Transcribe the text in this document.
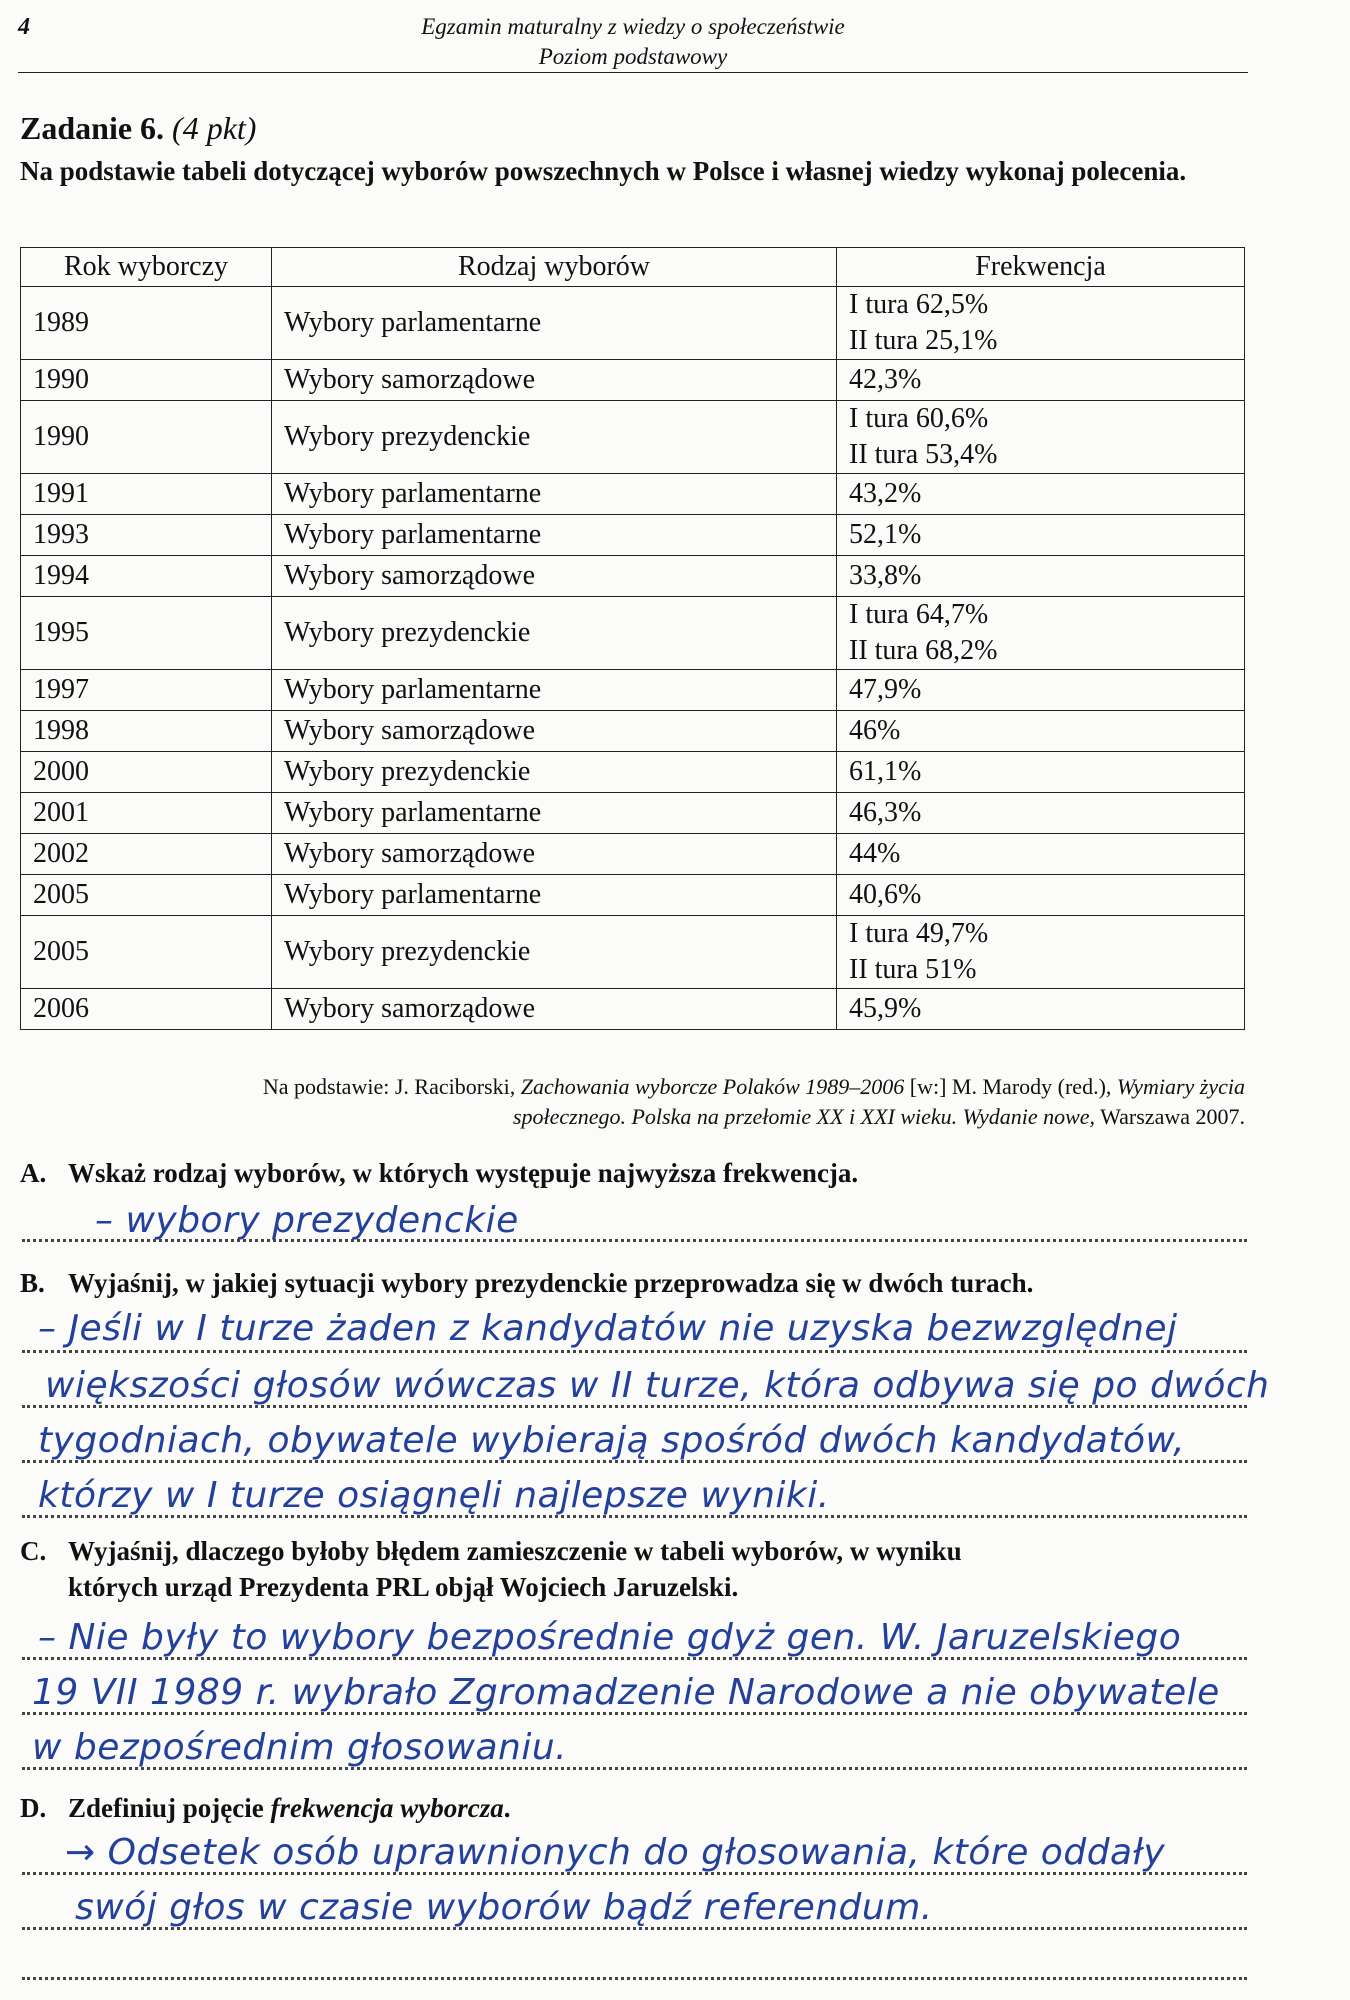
4	Egzamin maturalny z wiedzy o społeczeństwie
Poziom podstawowy
Zadanie 6. (4 pkt)
Na podstawie tabeli dotyczącej wyborów powszechnych w Polsce i własnej wiedzy wykonaj polecenia.
Rok wyborczy	Rodzaj wyborów	Frekwencja
1989	Wybory parlamentarne	I tura 62,5%
II tura 25,1%

1990	Wybory samorządowe	42,3%

1990	Wybory prezydenckie	I tura 60,6%
II tura 53,4%

1991	Wybory parlamentarne	43,2%

1993	Wybory parlamentarne	52,1%

1994	Wybory samorządowe	33,8%

1995	Wybory prezydenckie	I tura 64,7%
II tura 68,2%

1997	Wybory parlamentarne	47,9%

1998	Wybory samorządowe	46%

2000	Wybory prezydenckie	61,1%

2001	Wybory parlamentarne	46,3%

2002	Wybory samorządowe	44%

2005	Wybory parlamentarne	40,6%

2005	Wybory prezydenckie	I tura 49,7%
II tura 51%

2006	Wybory samorządowe	45,9%
Na podstawie: J. Raciborski, Zachowania wyborcze Polaków 1989–2006 [w:] M. Marody (red.), Wymiary życia
społecznego. Polska na przełomie XX i XXI wieku. Wydanie nowe, Warszawa 2007.
A. Wskaż rodzaj wyborów, w których występuje najwyższa frekwencja.
– wybory prezydenckie
B. Wyjaśnij, w jakiej sytuacji wybory prezydenckie przeprowadza się w dwóch turach.
– Jeśli w I turze żaden z kandydatów nie uzyska bezwzględnej
większości głosów wówczas w II turze, która odbywa się po dwóch
tygodniach, obywatele wybierają spośród dwóch kandydatów,
którzy w I turze osiągnęli najlepsze wyniki.
C. Wyjaśnij, dlaczego byłoby błędem zamieszczenie w tabeli wyborów, w wyniku
których urząd Prezydenta PRL objął Wojciech Jaruzelski.
– Nie były to wybory bezpośrednie gdyż gen. W. Jaruzelskiego
19 VII 1989 r. wybrało Zgromadzenie Narodowe a nie obywatele
w bezpośrednim głosowaniu.
D. Zdefiniuj pojęcie frekwencja wyborcza.
→ Odsetek osób uprawnionych do głosowania, które oddały
swój głos w czasie wyborów bądź referendum.
